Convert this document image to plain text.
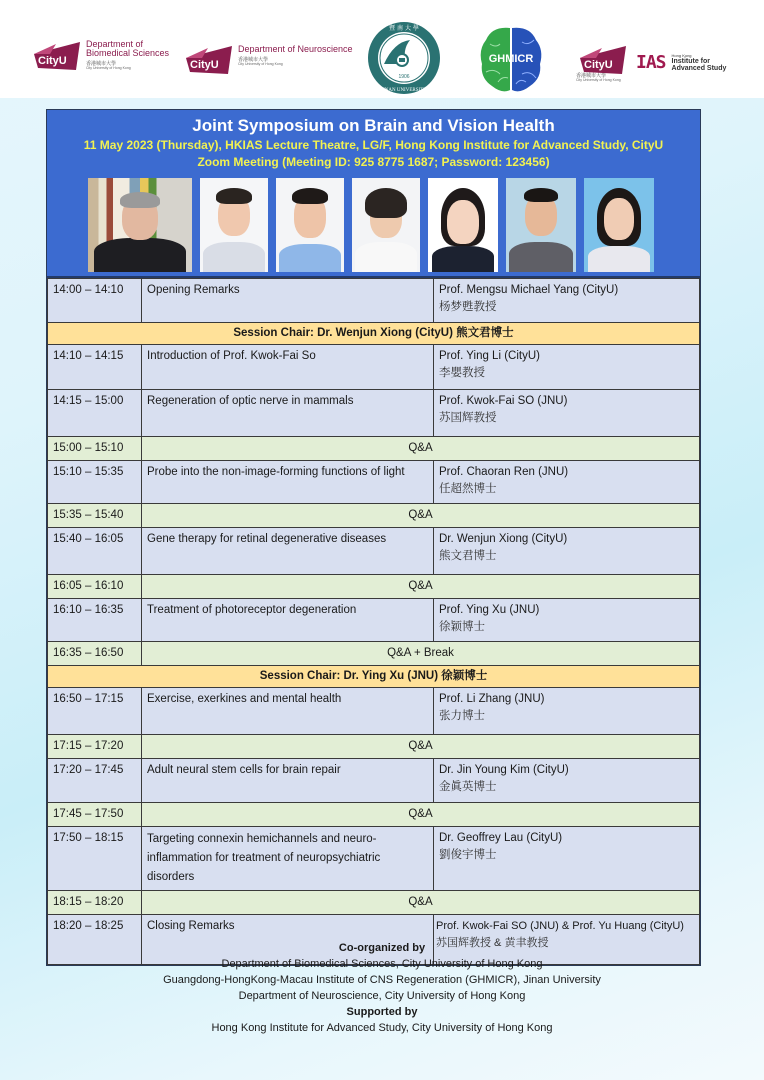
CityU
Department of
Biomedical Sciences
香港城市大學
City University of Hong Kong	CityU
Department of Neuroscience
香港城市大學
City University of Hong Kong
1906
暨 南 大 學
JINAN UNIVERSITY
GHMICR	CityU
香港城市大學
City University of Hong Kong
IAS Hong Kong
Institute for
Advanced Study
Joint Symposium on Brain and Vision Health
11 May 2023 (Thursday), HKIAS Lecture Theatre, LG/F, Hong Kong Institute for Advanced Study, CityU
Zoom Meeting (Meeting ID: 925 8775 1687; Password: 123456)
14:00 – 14:10	Opening Remarks	Prof. Mengsu Michael Yang (CityU)
杨梦甦教授

Session Chair: Dr. Wenjun Xiong (CityU) 熊文君博士		
14:10 – 14:15	Introduction of Prof. Kwok-Fai So	Prof. Ying Li (CityU)
李嬰教授

14:15 – 15:00	Regeneration of optic nerve in mammals	Prof. Kwok-Fai SO (JNU)
苏国辉教授

15:00 – 15:10	Q&A	
15:10 – 15:35	Probe into the non-image-forming functions of light	Prof. Chaoran Ren (JNU)
任超然博士

15:35 – 15:40	Q&A	
15:40 – 16:05	Gene therapy for retinal degenerative diseases	Dr. Wenjun Xiong (CityU)
熊文君博士

16:05 – 16:10	Q&A	
16:10 – 16:35	Treatment of photoreceptor degeneration	Prof. Ying Xu (JNU)
徐颖博士

16:35 – 16:50	Q&A + Break	
Session Chair: Dr. Ying Xu (JNU) 徐颖博士		
16:50 – 17:15	Exercise, exerkines and mental health	Prof. Li Zhang (JNU)
张力博士

17:15 – 17:20	Q&A	
17:20 – 17:45	Adult neural stem cells for brain repair	Dr. Jin Young Kim (CityU)
金眞英博士

17:45 – 17:50	Q&A	
17:50 – 18:15	Targeting connexin hemichannels and neuro-inflammation for treatment of neuropsychiatric disorders	Dr. Geoffrey Lau (CityU)
劉俊宇博士

18:15 – 18:20	Q&A	
18:20 – 18:25	Closing Remarks	Prof. Kwok-Fai SO (JNU) & Prof. Yu Huang (CityU)
苏国辉教授 & 黄聿教授
Co-organized by
Department of Biomedical Sciences, City University of Hong Kong
Guangdong-HongKong-Macau Institute of CNS Regeneration (GHMICR), Jinan University
Department of Neuroscience, City University of Hong Kong
Supported by
Hong Kong Institute for Advanced Study, City University of Hong Kong
